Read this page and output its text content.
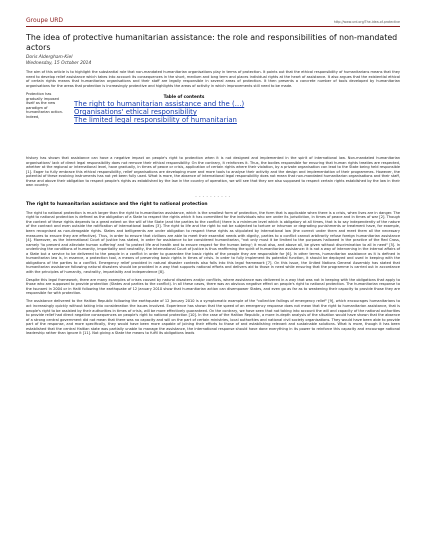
Groupe URD	http://www.urd.org/The-idea-of-protective
The idea of protective humanitarian assistance: the role and responsibilities of non-mandated actors
Doris Aldergham-Kiel
Wednesday, 15 October 2014

The aim of this article is to highlight the substantial role that non-mandated humanitarian organisations play in terms of protection. It points out that the ethical responsibility of humanitarians means that they need to develop relief assistance which takes into account its consequences in the short, medium and long term and places individual rights at the heart of assistance. It also argues that the existential ethical of certain rights means that humanitarian organisations and their staff are legally responsible in several areas of protection. It then presents a concrete number of tools developed by humanitarian organisations for the areas that protection is increasingly protective and highlights the areas of activity in which improvements still need to be made.

Protection has gradually imposed itself as the new paradigm of humanitarian action. Indeed,
Table of contents
The right to humanitarian assistance and the (…)
Organisations' ethical responsibility
The limited legal responsibility of humanitarian

history has shown that assistance can have a negative impact on people's right to protection when it is not designed and implemented in the spirit of international law. Non-mandated humanitarian organisations' lack of direct legal responsibility does not remove their ethical responsibility. On the contrary, it reinforces it. Thus, the bodies responsible for ensuring that human rights treaties are respected, whether at the regional or international level, have gradually, in times of peace or crisis, application of certain rights where their violation, by a private organisation can lead to the State being held responsible [1]. Eager to fully embrace this ethical responsibility, relief organisations are developing more and more tools to analyse their activity and the design and implementation of their programmes. However, the potential of these evolving instruments has not yet been fully used. What is more, the absence of international legal responsibility does not mean that non-mandated humanitarian organisations and their staff, these and above their obligation to respect people's rights as established by the law in the country of operation, we will see that they are also supposed to respect certain rights established by the law in their own country.

- - - - - - - - - -
The right to humanitarian assistance and the right to national protection

The right to national protection is much larger than the right to humanitarian assistance, which is the smallest form of protection, the form that is applicable when there is a crisis, when lives are in danger. The right to national protection is defined as the obligation of a State to respect the rights which it has committed for the individuals who are under its jurisdiction, in times of peace and in times of war [2]. Though the content of these rights depends to a great extent on the will of the State (and the parties to the conflict) there is a minimum level which is obligatory at all times, that is to say independently of the nature of the contract and even outside the ratification of international bodies [3]. The right to life and the right to not be subjected to torture or inhuman or degrading punishments or treatment have, for example, been recognised as non-derogable rights. States and belligerents are under obligation to respect these rights as stipulated by international law (the correct under them and meet them all the necessary measures to ensure they are effective). Thus, in order to ensure that civilians are able to meet their essential needs with dignity, parties to a conflict cannot arbitrarily refuse foreign humanitarian assistance [4]. Moreover, as the International Court of Justice has stated, in order for assistance to be considered humanitarian, "not only must it be limited to the purposes hallowed in the practice of the Red Cross, namely 'to prevent and alleviate human suffering' and 'to protect life and health and to ensure respect for the human being'; it must also, and above all, be given without discrimination to all in need" [5]. In underlining the conditions of humanity, impartiality and neutrality, the International Court of Justice is thus reaffirming the spirit of humanitarian assistance: it is not a way of intervening in the internal affairs of a State but a service to be delivered to the people in a conflict in order to guarantee the basic rights of the people they are responsible for [6]. In other terms, humanitarian assistance as it is defined in humanitarian law is, in essence, a protection tool, a means of preserving basic rights in times of crisis. In order to fully implement its potential function, it should be deployed and used in keeping with the obligations of the parties to a conflict. Emergency relief provided in natural disaster contexts also falls into this legal framework [7]. On this issue, the United Nations General Assembly has stated that humanitarian assistance following natural disasters should be provided in a way that supports national efforts and delivers aid to those in need while ensuring that the programme is carried out in accordance with the principles of humanity, neutrality, impartiality and independence [8].

Despite this legal framework, there are many examples of crises caused by natural disasters and/or conflicts, where assistance was delivered in a way that was not in keeping with the obligations that apply to those who are supposed to provide protection (States and parties to the conflict). In all these cases, there was an obvious negative effect on people's right to national protection. The humanitarian response to the tsunami in 2004 or in Haiti following the earthquake of 12 January 2010 show that humanitarian action can disempower States, and even go as far as to weakening their capacity to provide those they are responsible for with protection.

The assistance delivered to the Haitian Republic following the earthquake of 12 January 2010 is a symptomatic example of the "collective failings of emergency relief" [9], which encourages humanitarians to act increasingly quickly without taking into consideration the issues involved. Experience has shown that the speed of an emergency response does not mean that the right to humanitarian assistance, that is people's right to be assisted by their authorities in times of crisis, will be more effectively guaranteed. On the contrary, we have seen that not taking into account the will and capacity of the national authorities to provide relief had direct negative consequences on people's right to national protection [10]. In the case of the Haitian Republic, a more in-depth analysis of the situation would have shown that the absence of a strong central government did not mean that there was no capacity and will on the part of certain ministries, local authorities and national civil society organisations. They would have been able to provide part of the response, and more specifically, they would have been more capable of joining their efforts to those of and establishing relevant and sustainable solutions. What is more, though it has been established that the central Haitian state was partially unable to manage the assistance, the international response should have done everything in its power to reinforce this capacity and encourage national leadership rather than ignore it [11]. Not giving a State the means to fulfil its obligations leads
